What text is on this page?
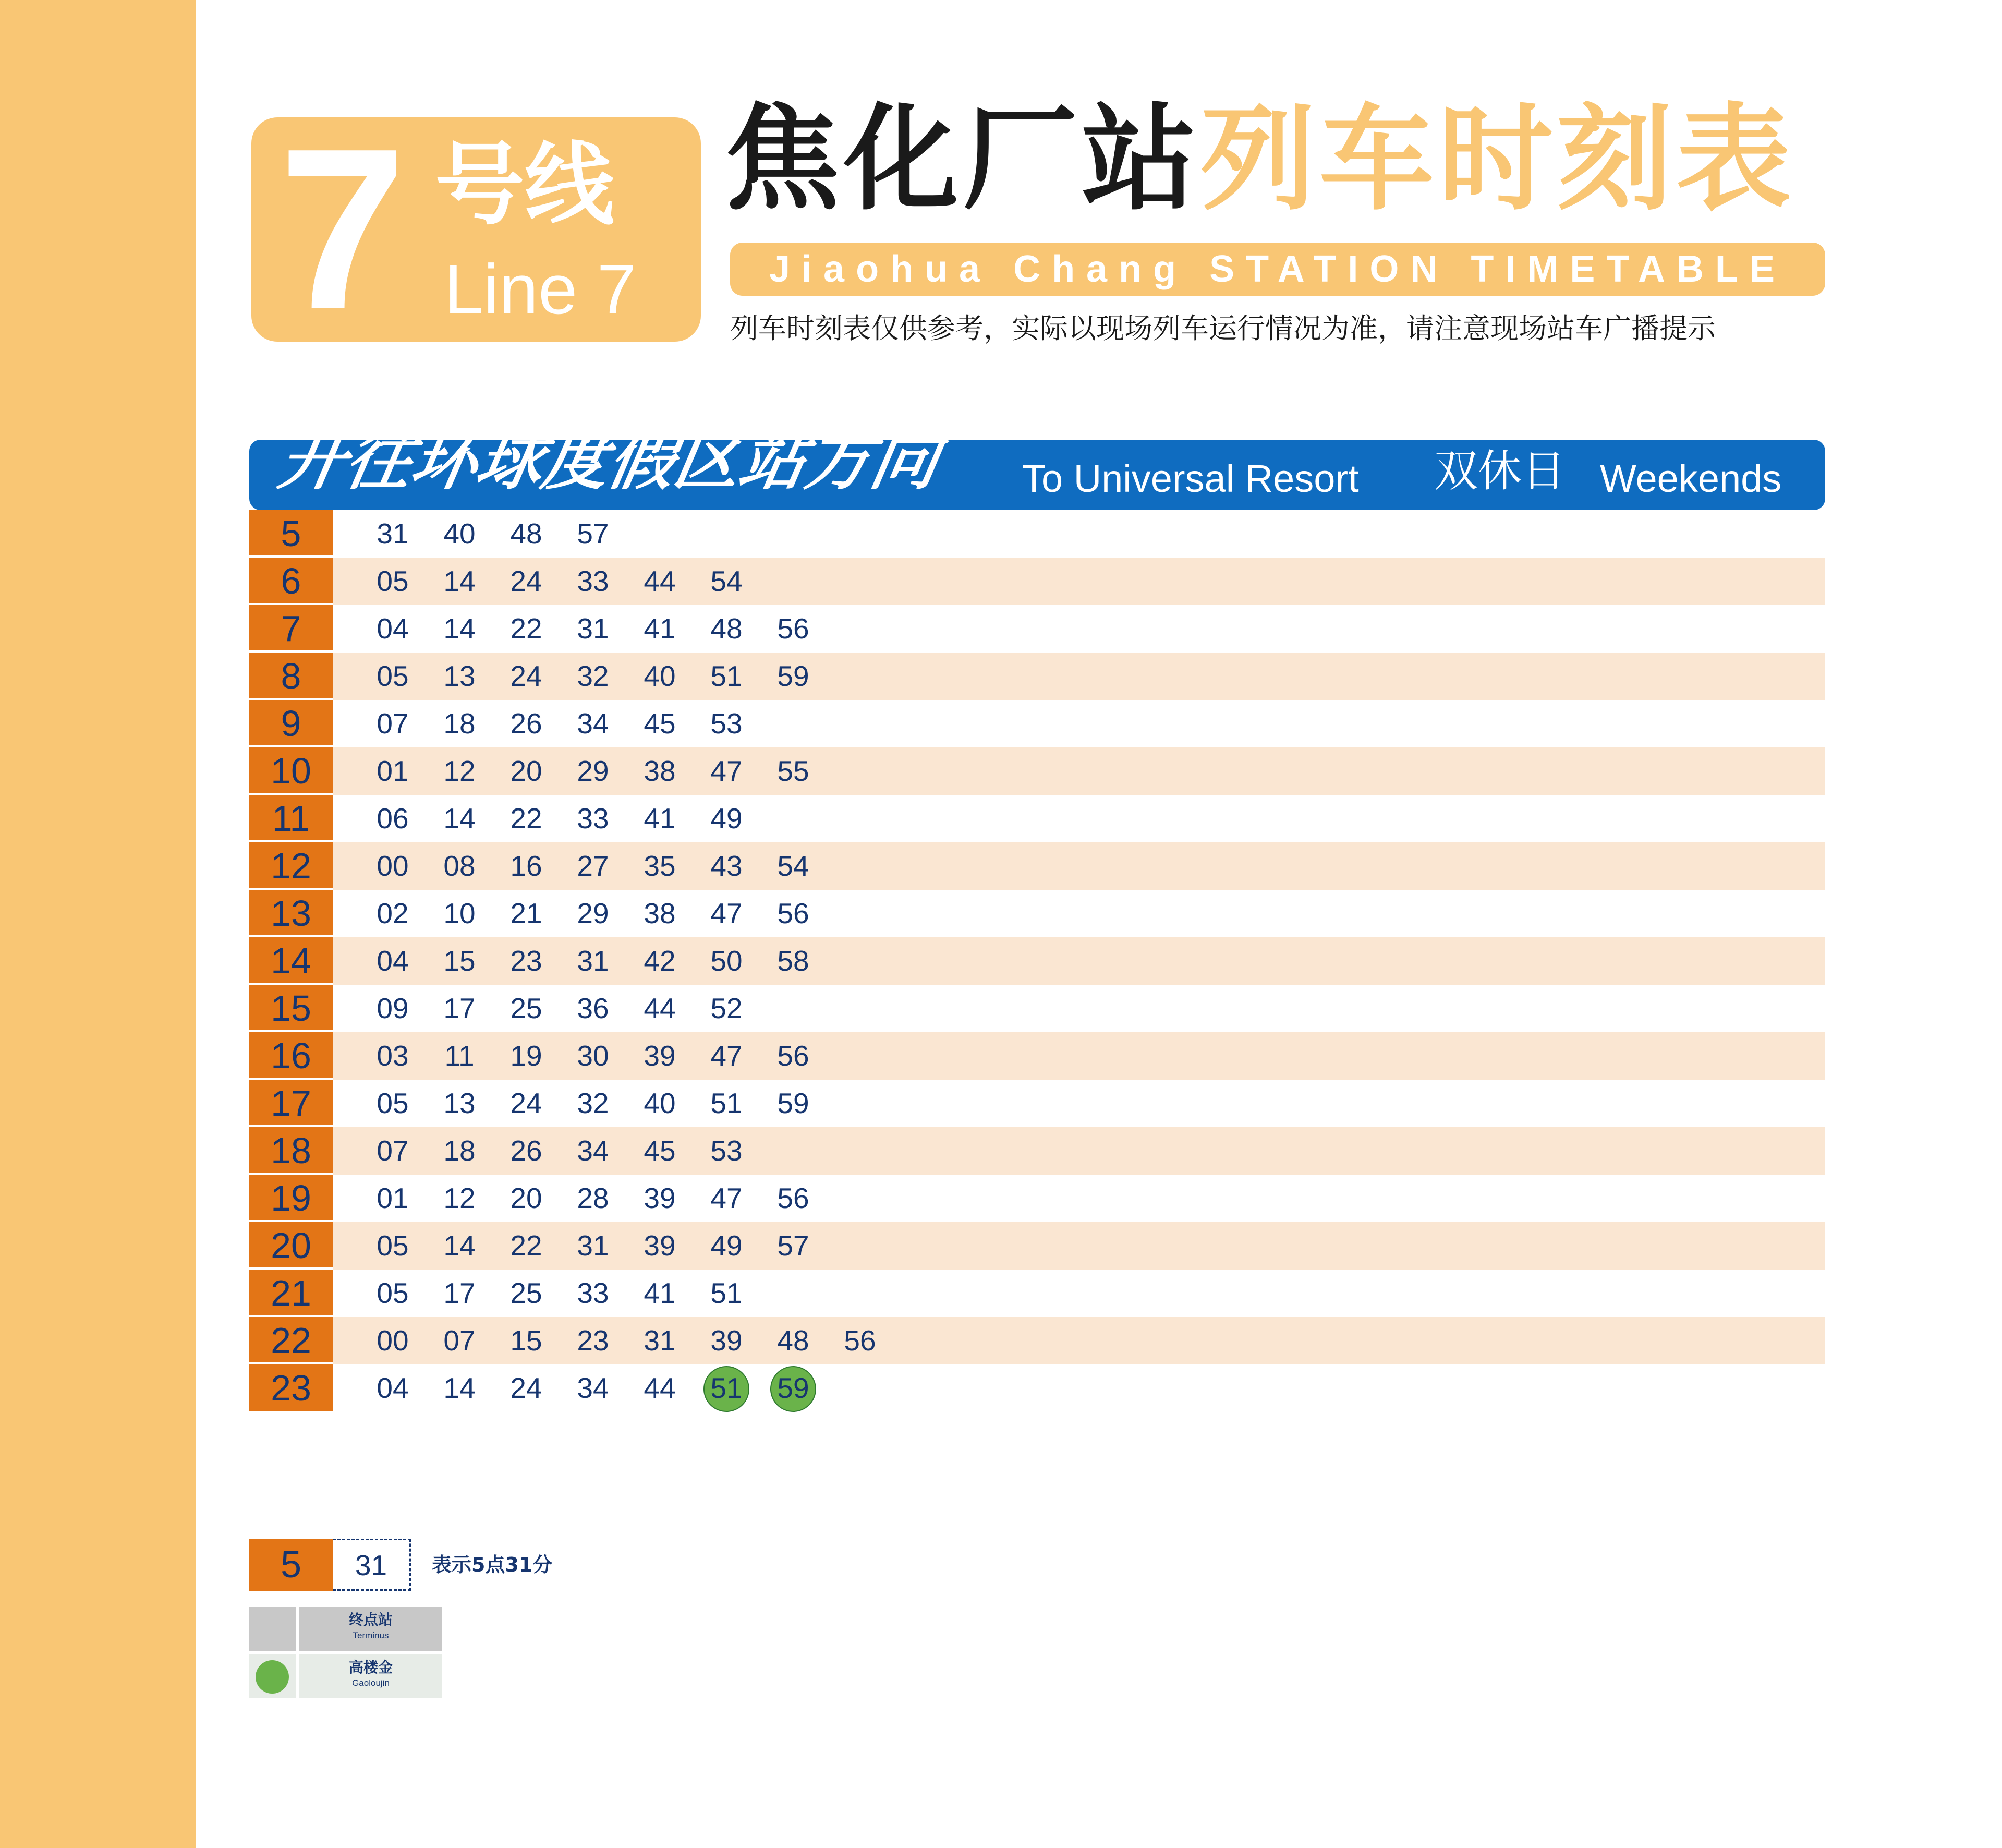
7 号线
Line 7
焦化厂站列车时刻表
Jiaohua Chang STATION TIMETABLE
列车时刻表仅供参考，实际以现场列车运行情况为准，请注意现场站车广播提示
开往环球度假区站方向 To Universal Resort 双休日 Weekends
5	31	40	48	57
6	05	14	24	33	44	54
7	04	14	22	31	41	48	56
8	05	13	24	32	40	51	59
9	07	18	26	34	45	53
10	01	12	20	29	38	47	55
11	06	14	22	33	41	49
12	00	08	16	27	35	43	54
13	02	10	21	29	38	47	56
14	04	15	23	31	42	50	58
15	09	17	25	36	44	52
16	03	11	19	30	39	47	56
17	05	13	24	32	40	51	59
18	07	18	26	34	45	53
19	01	12	20	28	39	47	56
20	05	14	22	31	39	49	57
21	05	17	25	33	41	51
22	00	07	15	23	31	39	48	56
23	04	14	24	34	44	51	59
5	31	表示5点31分
终点站
Terminus
高楼金
Gaoloujin
